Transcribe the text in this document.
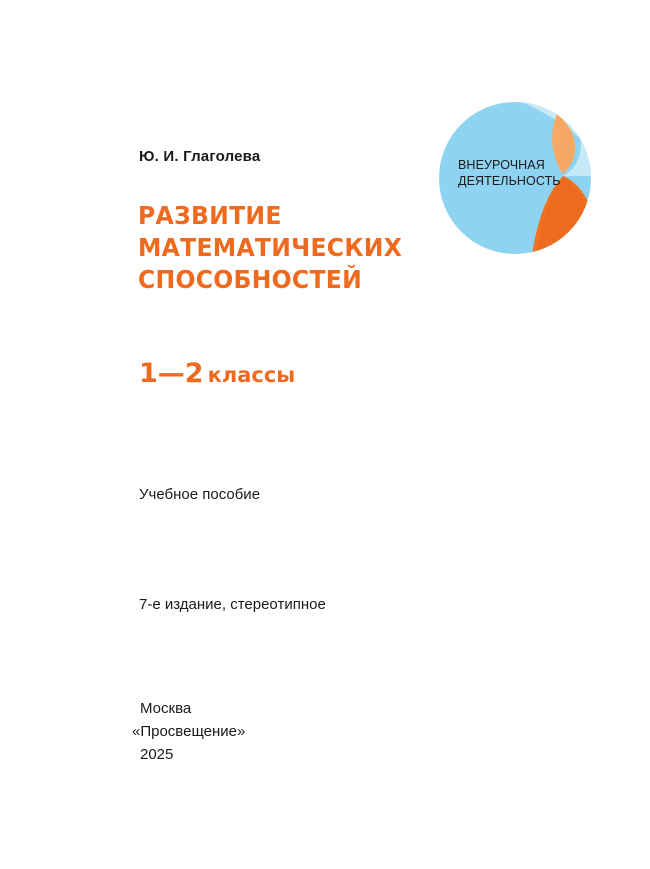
Ю. И. Глаголева
РАЗВИТИЕ
МАТЕМАТИЧЕСКИХ
СПОСОБНОСТЕЙ
1—2 классы
Учебное пособие
7-е издание, стереотипное
Москва
«Просвещение»
2025
ВНЕУРОЧНАЯ
ДЕЯТЕЛЬНОСТЬ
